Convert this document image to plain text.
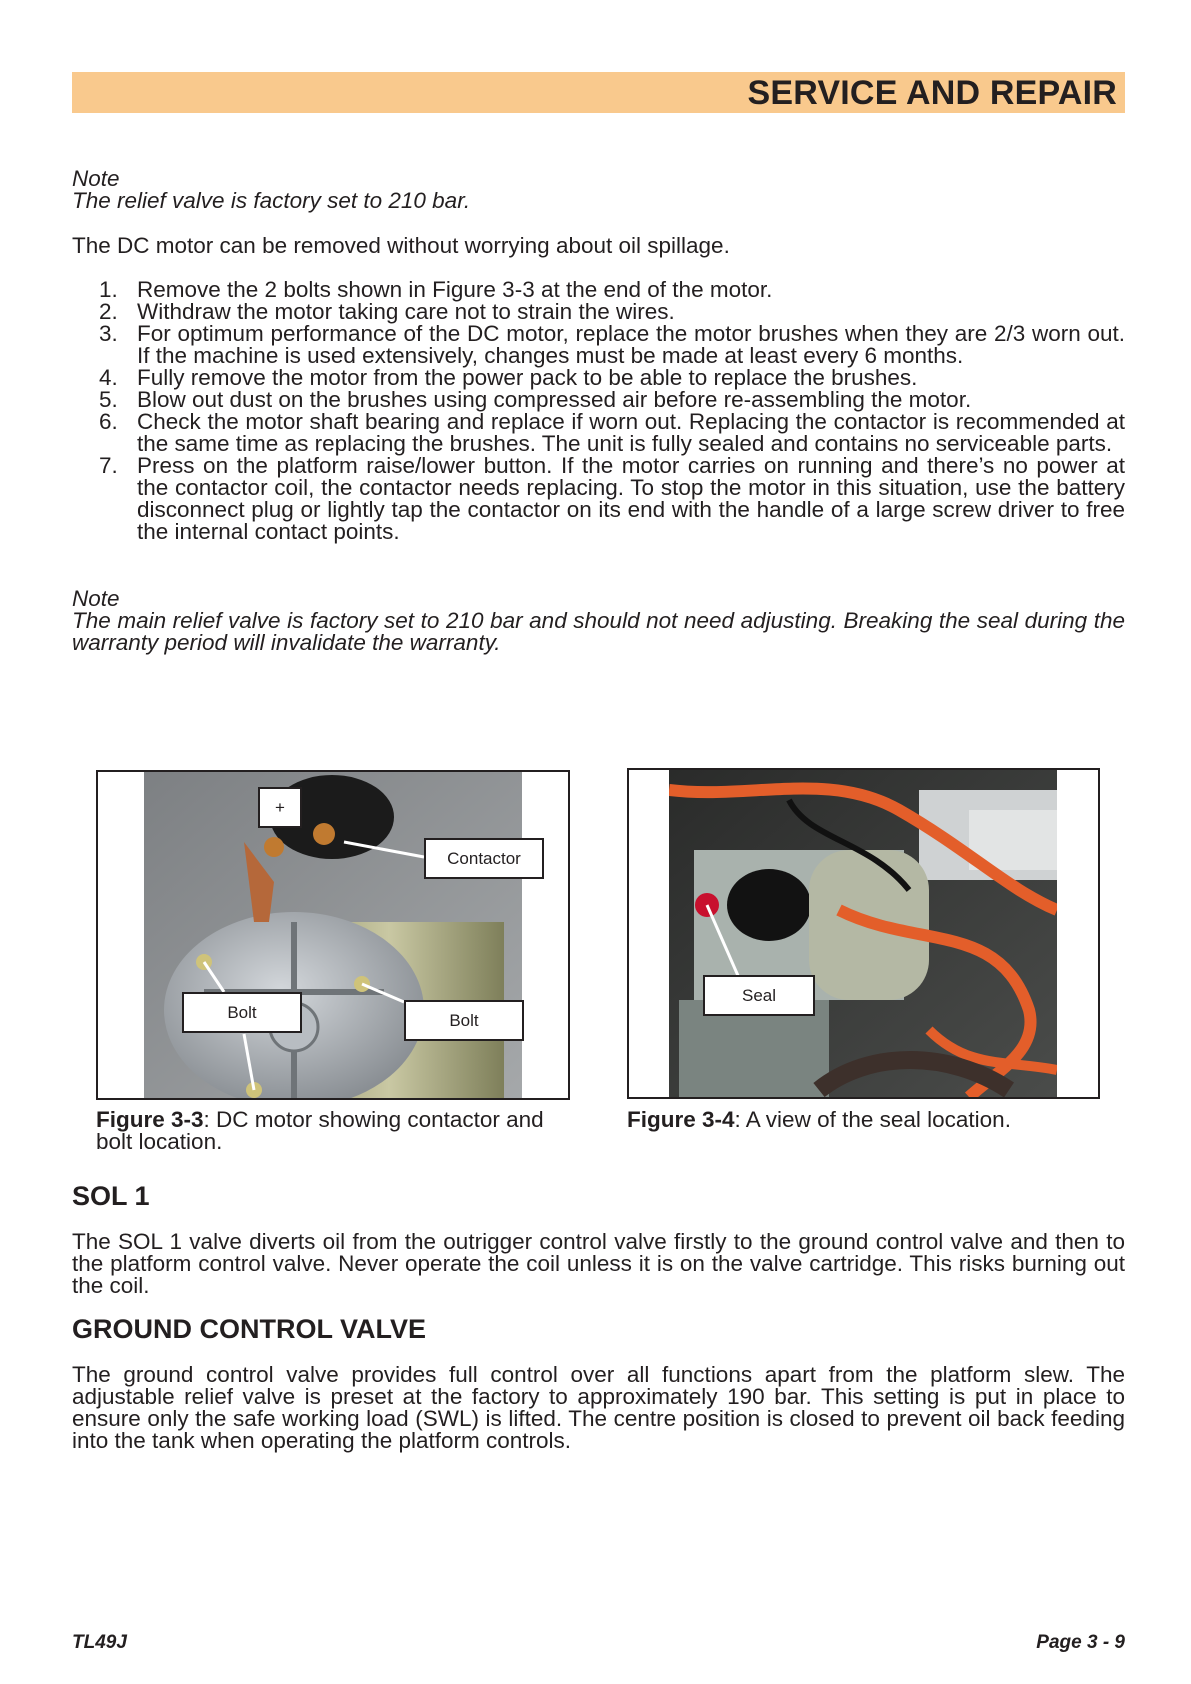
SERVICE AND REPAIR
Note
The relief valve is factory set to 210 bar.
The DC motor can be removed without worrying about oil spillage.
1. Remove the 2 bolts shown in Figure 3-3 at the end of the motor.
2. Withdraw the motor taking care not to strain the wires.
3. For optimum performance of the DC motor, replace the motor brushes when they are 2/3 worn out. If the machine is used extensively, changes must be made at least every 6 months.
4. Fully remove the motor from the power pack to be able to replace the brushes.
5. Blow out dust on the brushes using compressed air before re-assembling the motor.
6. Check the motor shaft bearing and replace if worn out. Replacing the contactor is recommended at the same time as replacing the brushes. The unit is fully sealed and contains no serviceable parts.
7. Press on the platform raise/lower button. If the motor carries on running and there’s no power at the contactor coil, the contactor needs replacing. To stop the motor in this situation, use the battery disconnect plug or lightly tap the contactor on its end with the handle of a large screw driver to free the internal contact points.
Note
The main relief valve is factory set to 210 bar and should not need adjusting. Breaking the seal during the warranty period will invalidate the warranty.
+
Contactor
Bolt	Bolt
Figure 3-3: DC motor showing contactor and bolt location.
Seal
Figure 3-4: A view of the seal location.
SOL 1
The SOL 1 valve diverts oil from the outrigger control valve firstly to the ground control valve and then to the platform control valve. Never operate the coil unless it is on the valve cartridge. This risks burning out the coil.
GROUND CONTROL VALVE
The ground control valve provides full control over all functions apart from the platform slew. The adjustable relief valve is preset at the factory to approximately 190 bar. This setting is put in place to ensure only the safe working load (SWL) is lifted. The centre position is closed to prevent oil back feeding into the tank when operating the platform controls.
TL49J	Page 3 - 9
